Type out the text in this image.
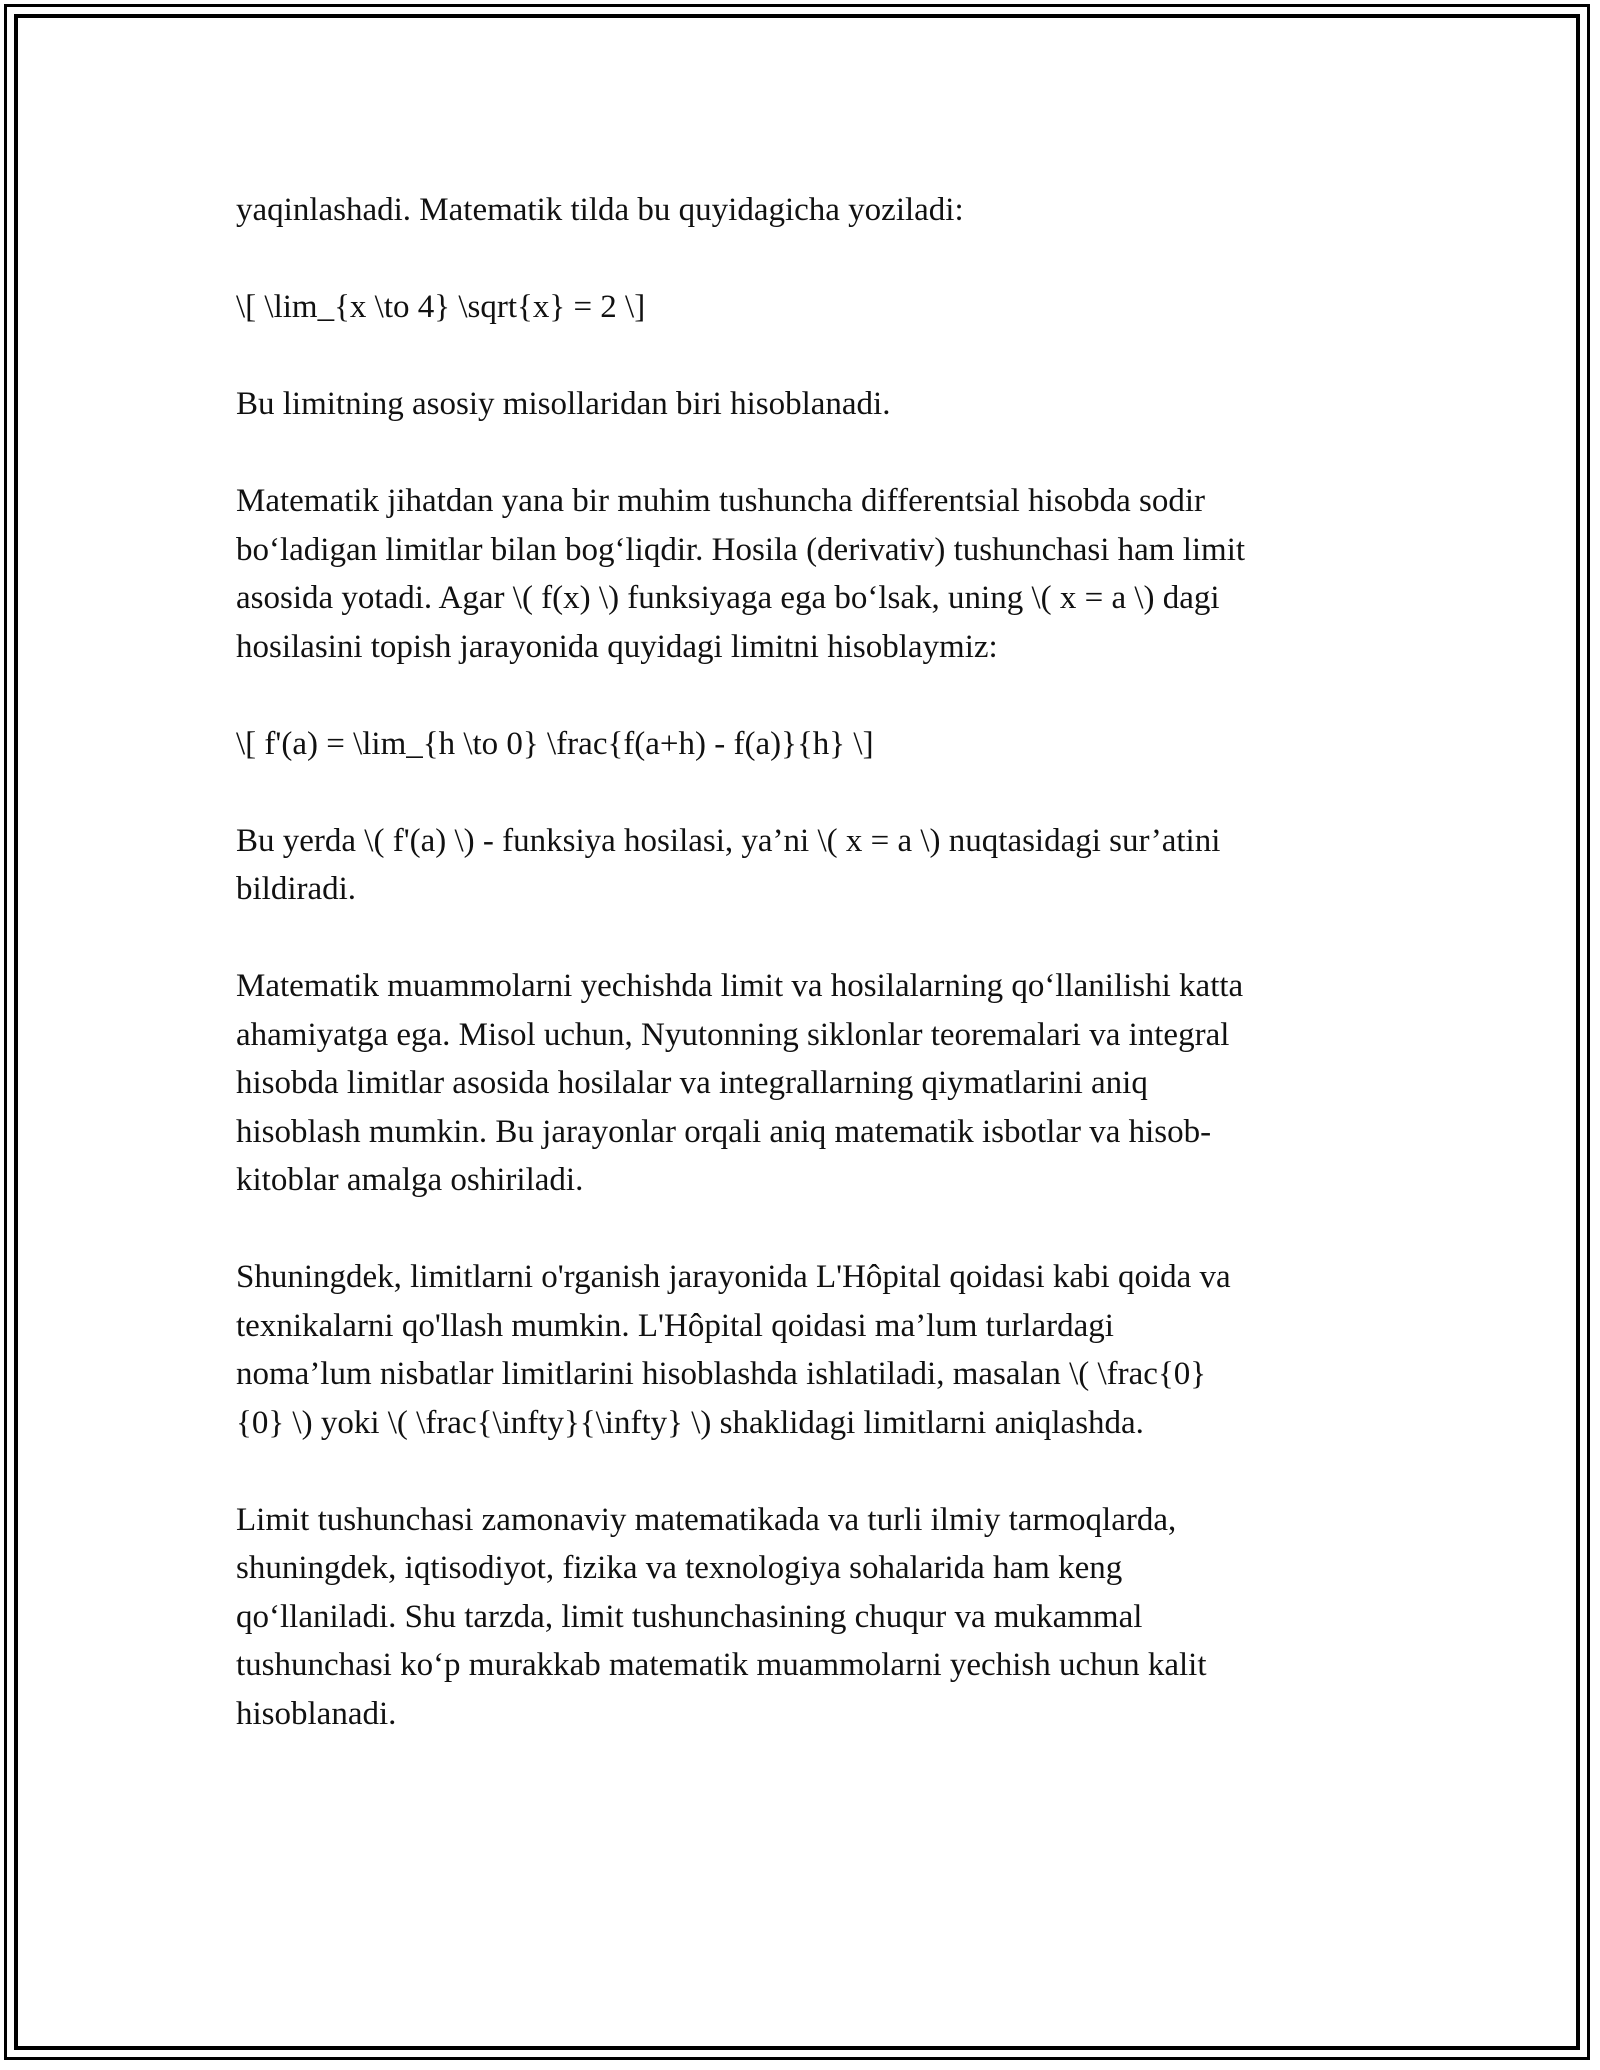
yaqinlashadi. Matematik tilda bu quyidagicha yoziladi:

\[ \lim_{x \to 4} \sqrt{x} = 2 \]

Bu limitning asosiy misollaridan biri hisoblanadi.

Matematik jihatdan yana bir muhim tushuncha differentsial hisobda sodir
bo‘ladigan limitlar bilan bog‘liqdir. Hosila (derivativ) tushunchasi ham limit
asosida yotadi. Agar \( f(x) \) funksiyaga ega bo‘lsak, uning \( x = a \) dagi
hosilasini topish jarayonida quyidagi limitni hisoblaymiz:

\[ f'(a) = \lim_{h \to 0} \frac{f(a+h) - f(a)}{h} \]

Bu yerda \( f'(a) \) - funksiya hosilasi, ya’ni \( x = a \) nuqtasidagi sur’atini
bildiradi.

Matematik muammolarni yechishda limit va hosilalarning qo‘llanilishi katta
ahamiyatga ega. Misol uchun, Nyutonning siklonlar teoremalari va integral
hisobda limitlar asosida hosilalar va integrallarning qiymatlarini aniq
hisoblash mumkin. Bu jarayonlar orqali aniq matematik isbotlar va hisob-
kitoblar amalga oshiriladi.

Shuningdek, limitlarni o'rganish jarayonida L'Hôpital qoidasi kabi qoida va
texnikalarni qo'llash mumkin. L'Hôpital qoidasi ma’lum turlardagi
noma’lum nisbatlar limitlarini hisoblashda ishlatiladi, masalan \( \frac{0}
{0} \) yoki \( \frac{\infty}{\infty} \) shaklidagi limitlarni aniqlashda.

Limit tushunchasi zamonaviy matematikada va turli ilmiy tarmoqlarda,
shuningdek, iqtisodiyot, fizika va texnologiya sohalarida ham keng
qo‘llaniladi. Shu tarzda, limit tushunchasining chuqur va mukammal
tushunchasi ko‘p murakkab matematik muammolarni yechish uchun kalit
hisoblanadi.
